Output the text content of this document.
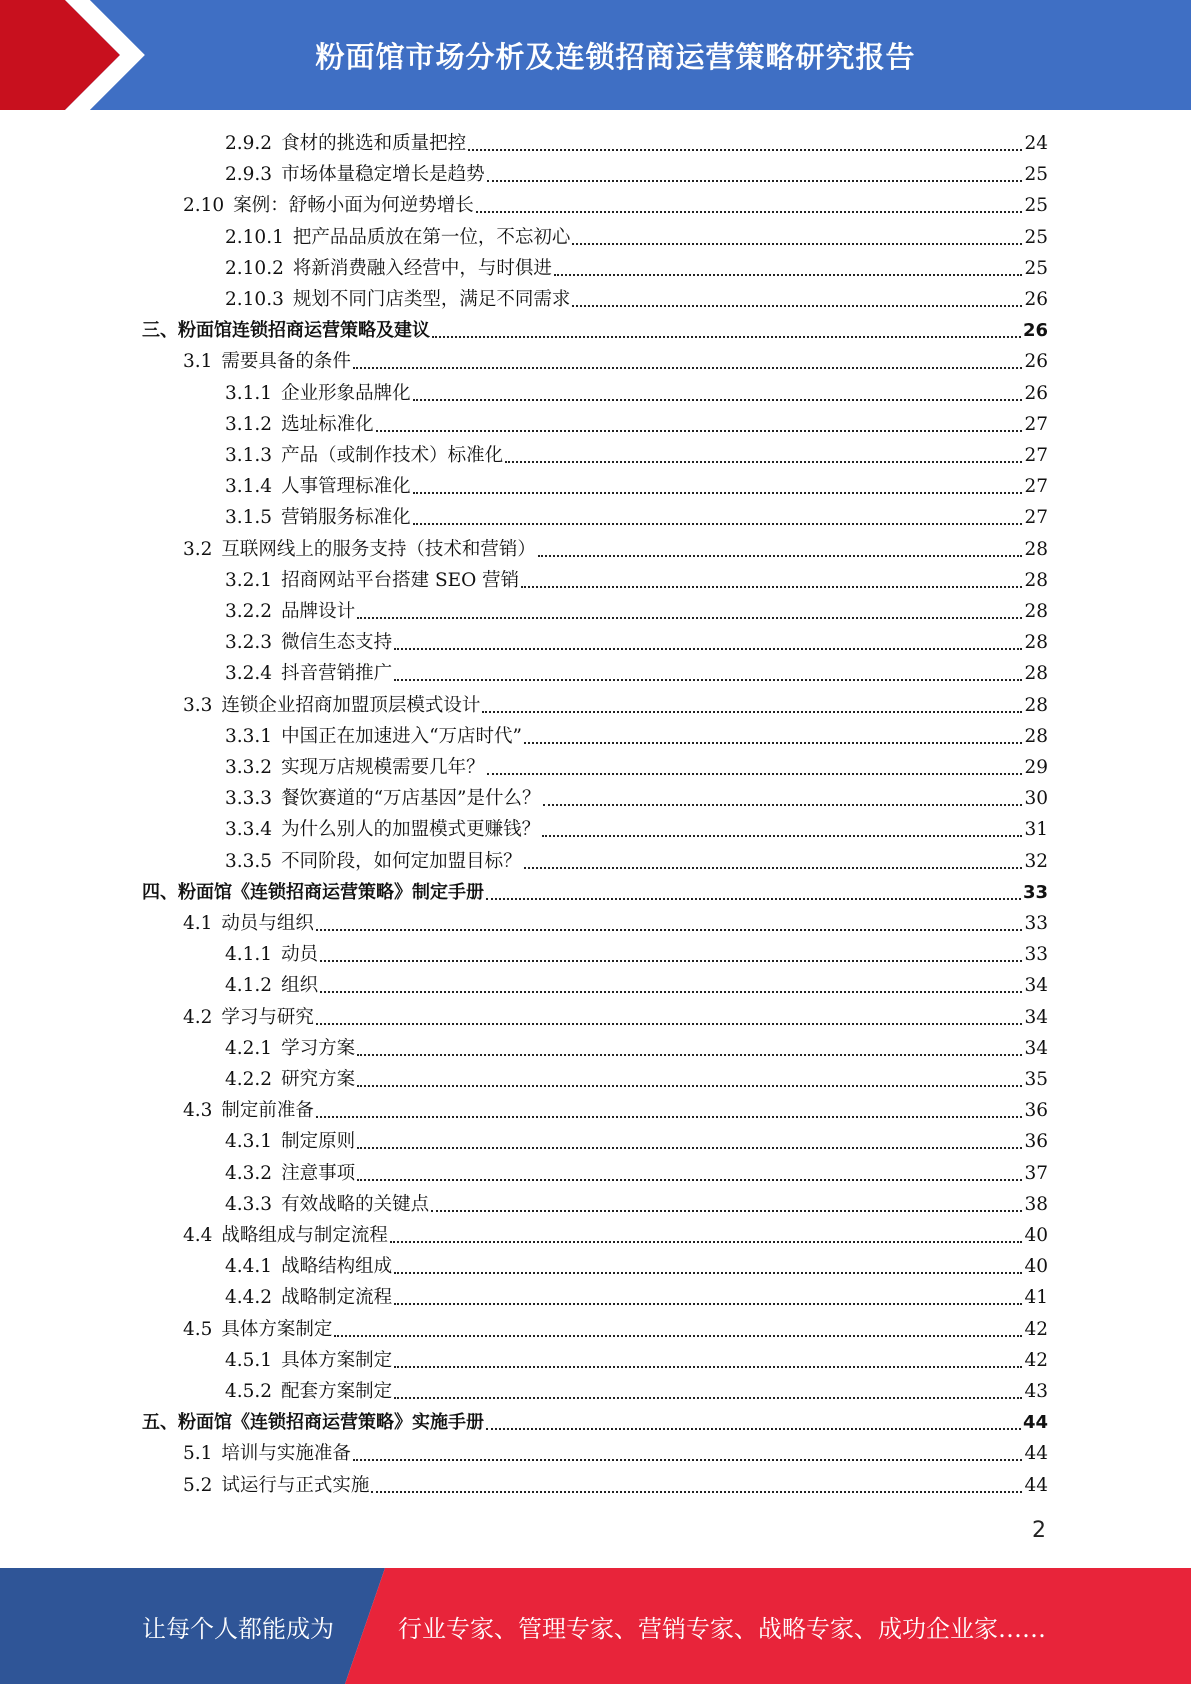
粉面馆市场分析及连锁招商运营策略研究报告
2.9.2 食材的挑选和质量把控	24
2.9.3 市场体量稳定增长是趋势	25
2.10 案例：舒畅小面为何逆势增长	25
2.10.1 把产品品质放在第一位，不忘初心	25
2.10.2 将新消费融入经营中，与时俱进	25
2.10.3 规划不同门店类型，满足不同需求	26
三、粉面馆连锁招商运营策略及建议	26
3.1 需要具备的条件	26
3.1.1 企业形象品牌化	26
3.1.2 选址标准化	27
3.1.3 产品（或制作技术）标准化	27
3.1.4 人事管理标准化	27
3.1.5 营销服务标准化	27
3.2 互联网线上的服务支持（技术和营销）	28
3.2.1 招商网站平台搭建 SEO 营销	28
3.2.2 品牌设计	28
3.2.3 微信生态支持	28
3.2.4 抖音营销推广	28
3.3 连锁企业招商加盟顶层模式设计	28
3.3.1 中国正在加速进入“万店时代”	28
3.3.2 实现万店规模需要几年？	29
3.3.3 餐饮赛道的“万店基因”是什么？	30
3.3.4 为什么别人的加盟模式更赚钱？	31
3.3.5 不同阶段，如何定加盟目标？	32
四、粉面馆《连锁招商运营策略》制定手册	33
4.1 动员与组织	33
4.1.1 动员	33
4.1.2 组织	34
4.2 学习与研究	34
4.2.1 学习方案	34
4.2.2 研究方案	35
4.3 制定前准备	36
4.3.1 制定原则	36
4.3.2 注意事项	37
4.3.3 有效战略的关键点	38
4.4 战略组成与制定流程	40
4.4.1 战略结构组成	40
4.4.2 战略制定流程	41
4.5 具体方案制定	42
4.5.1 具体方案制定	42
4.5.2 配套方案制定	43
五、粉面馆《连锁招商运营策略》实施手册	44
5.1 培训与实施准备	44
5.2 试运行与正式实施	44
2
让每个人都能成为	行业专家、管理专家、营销专家、战略专家、成功企业家……
